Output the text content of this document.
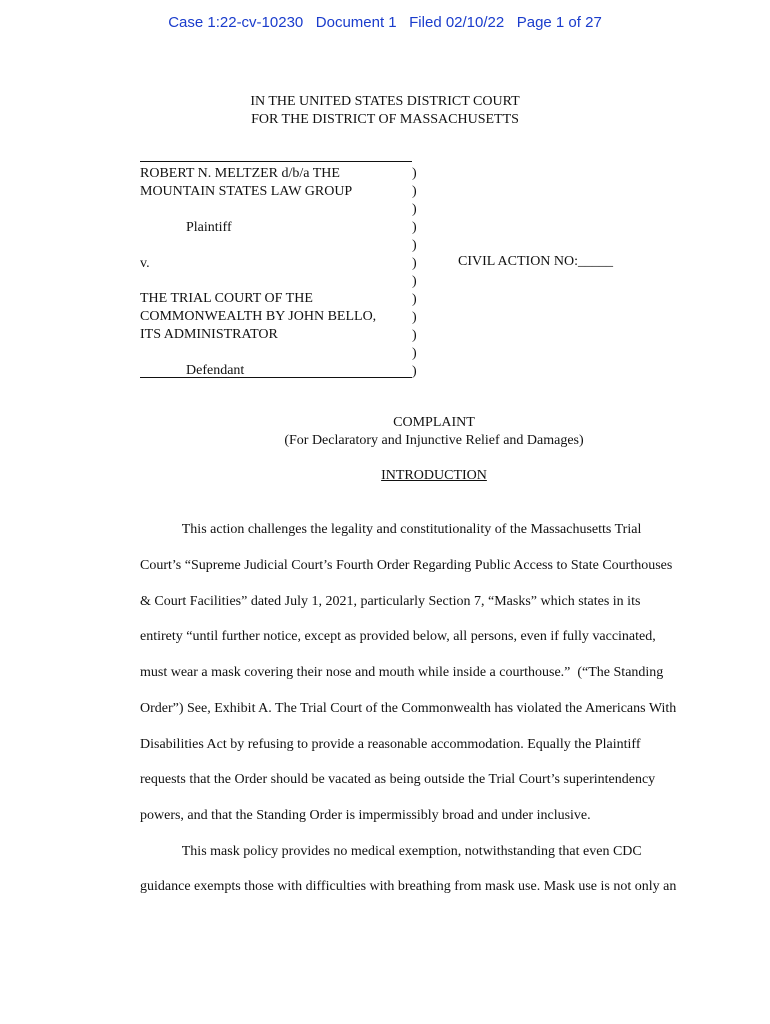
Case 1:22-cv-10230   Document 1   Filed 02/10/22   Page 1 of 27
IN THE UNITED STATES DISTRICT COURT
FOR THE DISTRICT OF MASSACHUSETTS
ROBERT N. MELTZER d/b/a THE
MOUNTAIN STATES LAW GROUP
Plaintiff
v.
THE TRIAL COURT OF THE
COMMONWEALTH BY JOHN BELLO,
ITS ADMINISTRATOR
Defendant
)
)
)
)
)
)
)
)
)
)
)
)
CIVIL ACTION NO:_____
COMPLAINT
(For Declaratory and Injunctive Relief and Damages)
INTRODUCTION
This action challenges the legality and constitutionality of the Massachusetts Trial
Court’s “Supreme Judicial Court’s Fourth Order Regarding Public Access to State Courthouses
& Court Facilities” dated July 1, 2021, particularly Section 7, “Masks” which states in its
entirety “until further notice, except as provided below, all persons, even if fully vaccinated,
must wear a mask covering their nose and mouth while inside a courthouse.”  (“The Standing
Order”) See, Exhibit A. The Trial Court of the Commonwealth has violated the Americans With
Disabilities Act by refusing to provide a reasonable accommodation. Equally the Plaintiff
requests that the Order should be vacated as being outside the Trial Court’s superintendency
powers, and that the Standing Order is impermissibly broad and under inclusive.
This mask policy provides no medical exemption, notwithstanding that even CDC
guidance exempts those with difficulties with breathing from mask use. Mask use is not only an
